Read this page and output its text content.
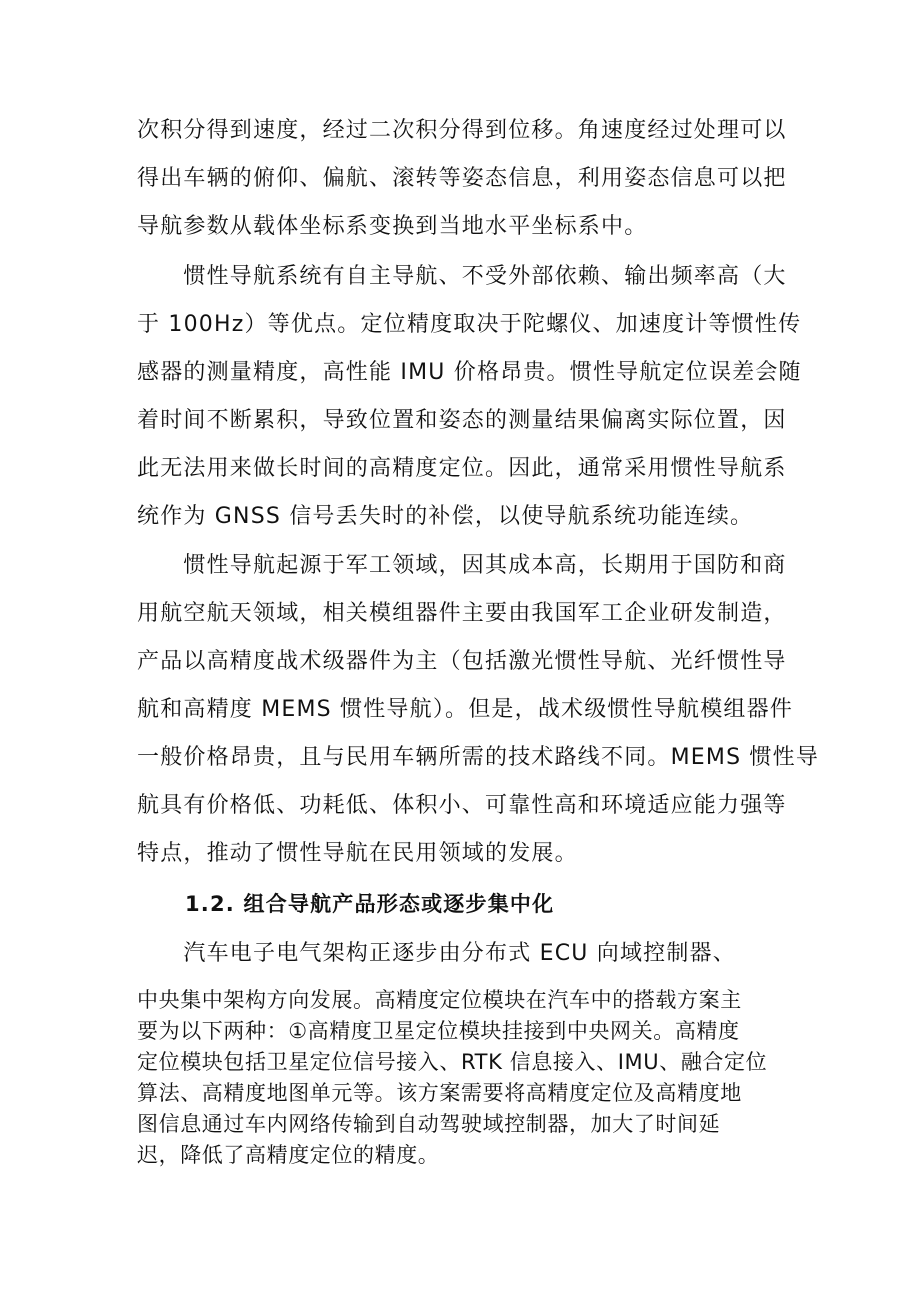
次积分得到速度，经过二次积分得到位移。角速度经过处理可以
得出车辆的俯仰、偏航、滚转等姿态信息，利用姿态信息可以把
导航参数从载体坐标系变换到当地水平坐标系中。
　　惯性导航系统有自主导航、不受外部依赖、输出频率高（大
于 100Hz）等优点。定位精度取决于陀螺仪、加速度计等惯性传
感器的测量精度，高性能 IMU 价格昂贵。惯性导航定位误差会随
着时间不断累积，导致位置和姿态的测量结果偏离实际位置，因
此无法用来做长时间的高精度定位。因此，通常采用惯性导航系
统作为 GNSS 信号丢失时的补偿，以使导航系统功能连续。
　　惯性导航起源于军工领域，因其成本高，长期用于国防和商
用航空航天领域，相关模组器件主要由我国军工企业研发制造，
产品以高精度战术级器件为主（包括激光惯性导航、光纤惯性导
航和高精度 MEMS 惯性导航）。但是，战术级惯性导航模组器件
一般价格昂贵，且与民用车辆所需的技术路线不同。MEMS 惯性导
航具有价格低、功耗低、体积小、可靠性高和环境适应能力强等
特点，推动了惯性导航在民用领域的发展。
1.2. 组合导航产品形态或逐步集中化
　　汽车电子电气架构正逐步由分布式 ECU 向域控制器、
中央集中架构方向发展。高精度定位模块在汽车中的搭载方案主
要为以下两种：①高精度卫星定位模块挂接到中央网关。高精度
定位模块包括卫星定位信号接入、RTK 信息接入、IMU、融合定位
算法、高精度地图单元等。该方案需要将高精度定位及高精度地
图信息通过车内网络传输到自动驾驶域控制器，加大了时间延
迟，降低了高精度定位的精度。
